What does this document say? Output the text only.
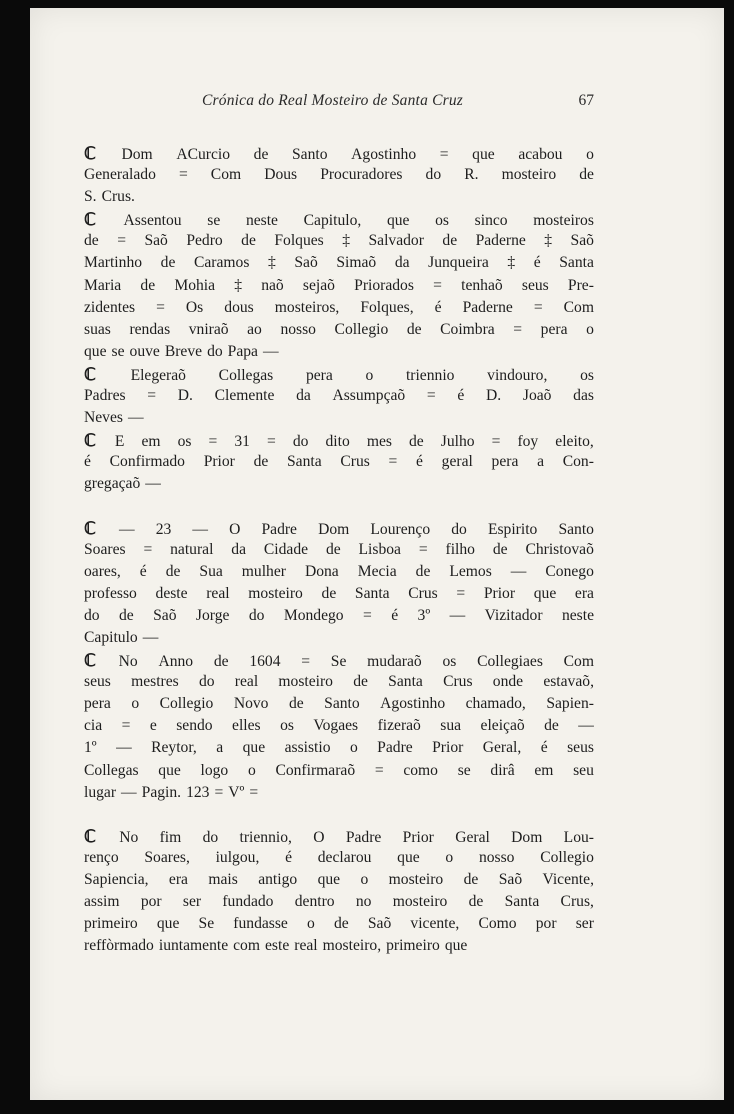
Crónica do Real Mosteiro de Santa Cruz	67
ℂ Dom ACurcio de Santo Agostinho = que acabou o
Generalado = Com Dous Procuradores do R. mosteiro de
S. Crus.
ℂ Assentou se neste Capitulo, que os sinco mosteiros
de = Saõ Pedro de Folques ‡ Salvador de Paderne ‡ Saõ
Martinho de Caramos ‡ Saõ Simaõ da Junqueira ‡ é Santa
Maria de Mohia ‡ naõ sejaõ Priorados = tenhaõ seus Pre-
zidentes = Os dous mosteiros, Folques, é Paderne = Com
suas rendas vniraõ ao nosso Collegio de Coimbra = pera o
que se ouve Breve do Papa —
ℂ Elegeraõ Collegas pera o triennio vindouro, os
Padres = D. Clemente da Assumpçaõ = é D. Joaõ das
Neves —
ℂ E em os = 31 = do dito mes de Julho = foy eleito,
é Confirmado Prior de Santa Crus = é geral pera a Con-
gregaçaõ —
ℂ — 23 — O Padre Dom Lourenço do Espirito Santo
Soares = natural da Cidade de Lisboa = filho de Christovaõ
oares, é de Sua mulher Dona Mecia de Lemos — Conego
professo deste real mosteiro de Santa Crus = Prior que era
do de Saõ Jorge do Mondego = é 3º — Vizitador neste
Capitulo —
ℂ No Anno de 1604 = Se mudaraõ os Collegiaes Com
seus mestres do real mosteiro de Santa Crus onde estavaõ,
pera o Collegio Novo de Santo Agostinho chamado, Sapien-
cia = e sendo elles os Vogaes fizeraõ sua eleiçaõ de —
1º — Reytor, a que assistio o Padre Prior Geral, é seus
Collegas que logo o Confirmaraõ = como se dirâ em seu
lugar — Pagin. 123 = Vº =
ℂ No fim do triennio, O Padre Prior Geral Dom Lou-
renço Soares, iulgou, é declarou que o nosso Collegio
Sapiencia, era mais antigo que o mosteiro de Saõ Vicente,
assim por ser fundado dentro no mosteiro de Santa Crus,
primeiro que Se fundasse o de Saõ vicente, Como por ser
reffòrmado iuntamente com este real mosteiro, primeiro que
